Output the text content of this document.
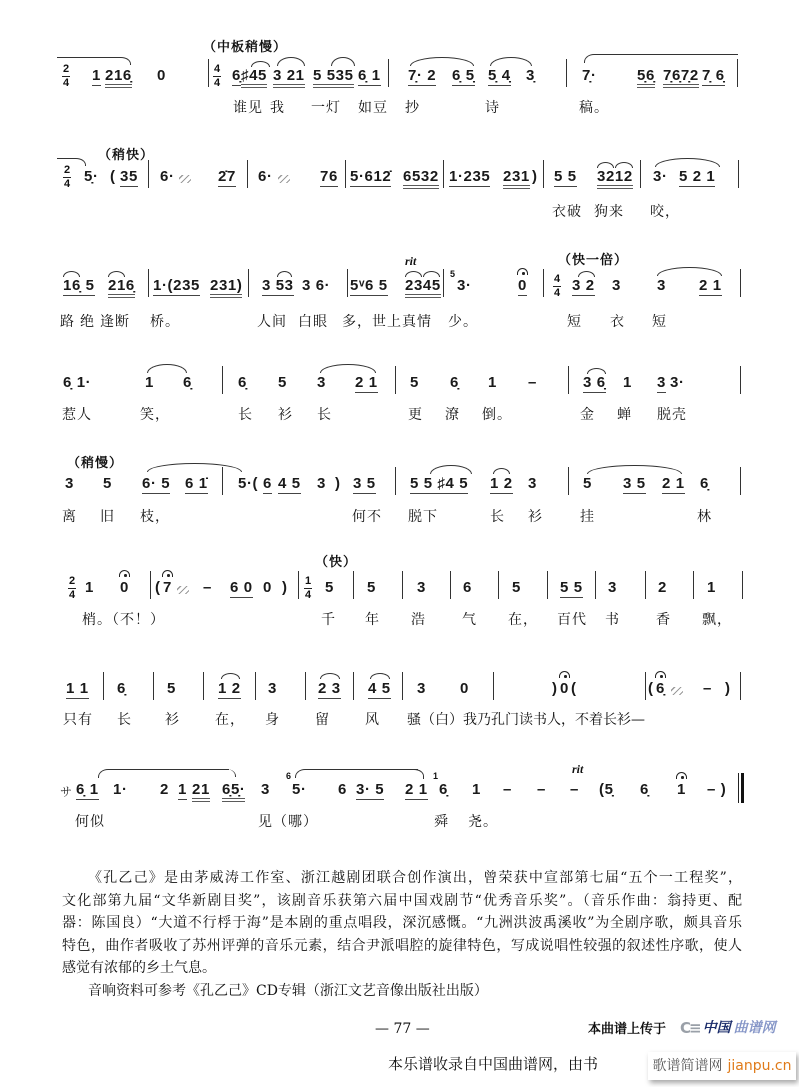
2
4 1 216̣ 0
（中板稍慢）
4
4 6̣ ♯45 3 21 5 535 6̣ 1 7̣· 2 6̣ 5̣ 5̣ 4̣ 3̣	7̣·	5̣6̣ 7̣6̣7̣2 7̣ 6̣
谁见 我 一灯 如豆 抄	诗	稿。
（稍快）
2
4 5̣· ( 35 6·	2̇7 6·	76 5·612̇ 6532 1·235 231 ) 5 5 3212 3· 5 2 1
衣破 狗来 咬，
16̣ 5 216̣ 1·(235 231) 3 53 3 6· 5ᵛ6 5
rit
2345
5
3·	0
（快一倍）
4
4 3 2 3 3 2 1
路 绝 逢断 桥。	人间 白眼 多，世上真情 少。	短 衣 短
6̣ 1·	1 6̣	6̣ 5 3 2 1 5 6̣ 1 –	3 6̣ 1 3 3·
惹人	笑，	长 衫 长	更 潦 倒。	金 蝉 脱壳
（稍慢）
3 5 6· 5 6 1̇ 5·( 6 4 5 3 ) 3 5 5 5 ♯4 5 1 2 3	5 3 5 2 1 6̣
离 旧 枝，	何不 脱下	长 衫	挂	林
2
4 1 0 ( 7 – 6 0 0 )
（快）
1
4 5 5	3 6	5	5 5 3	2	1
梢。（不！）	千 年 浩	气 在， 百代 书	香 飘，
1 1 6̣	5	1 2 3	2 3 4 5 3 0	) 0 (	( 6̣	– )
只有 长 衫	在， 身	留	风 骚（白）我乃孔门读书人，不着长衫—
サ 6̣ 1 1· 2 1 21 6̣5̣· 3
6
5· 6 3· 5 2 1
1
6̣ 1 – –
rit
– (5̣ 6̣ 1 – )
何似	见（哪）	舜 尧。
《孔乙己》是由茅威涛工作室、浙江越剧团联合创作演出，曾荣获中宣部第七届“五个一工程奖”，
文化部第九届“文华新剧目奖”，该剧音乐获第六届中国戏剧节“优秀音乐奖”。（音乐作曲：翁持更、配
器：陈国良）“大道不行桴于海”是本剧的重点唱段，深沉感慨。“九洲洪波禹溪收”为全剧序歌，颇具音乐
特色，曲作者吸收了苏州评弹的音乐元素，结合尹派唱腔的旋律特色，写成说唱性较强的叙述性序歌，使人
感觉有浓郁的乡土气息。
音响资料可参考《孔乙己》CD专辑（浙江文艺音像出版社出版）
— 77 —	本曲谱上传于 C≡ 中国 曲谱网
本乐谱收录自中国曲谱网，由书	歌谱简谱网 jianpu.cn
